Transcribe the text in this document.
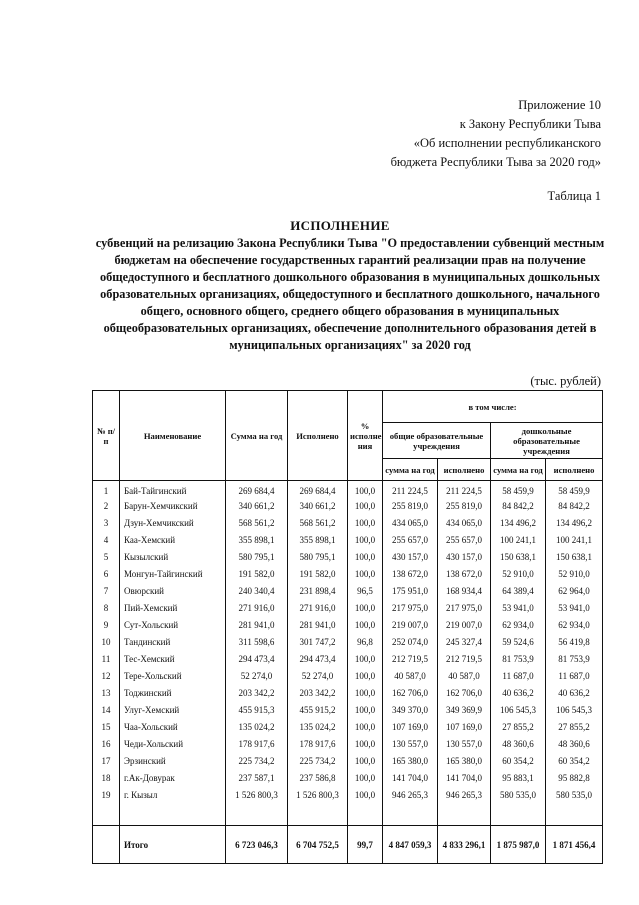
Приложение 10
к Закону Республики Тыва
«Об исполнении республиканского
бюджета Республики Тыва за 2020 год»
Таблица 1
ИСПОЛНЕНИЕ
субвенций на релизацию Закона Республики Тыва "О предоставлении субвенций местным бюджетам на обеспечение государственных гарантий реализации прав на получение общедоступного и бесплатного дошкольного образования в муниципальных дошкольных образовательных организациях, общедоступного и бесплатного дошкольного, начального общего, основного общего, среднего общего образования в муниципальных общеобразовательных организациях, обеспечение дополнительного образования детей в муниципальных организациях" за 2020 год
(тыс. рублей)
№ п/п	Наименование	Сумма на год	Исполнено	% исполне ния	в том числе:			
					общие образовательные учреждения		дошкольные образовательные учреждения	
					сумма на год	исполнено	сумма на год	исполнено
1	Бай-Тайгинский	269 684,4	269 684,4	100,0	211 224,5	211 224,5	58 459,9	58 459,9
2	Барун-Хемчикский	340 661,2	340 661,2	100,0	255 819,0	255 819,0	84 842,2	84 842,2
3	Дзун-Хемчикский	568 561,2	568 561,2	100,0	434 065,0	434 065,0	134 496,2	134 496,2
4	Каа-Хемский	355 898,1	355 898,1	100,0	255 657,0	255 657,0	100 241,1	100 241,1
5	Кызылский	580 795,1	580 795,1	100,0	430 157,0	430 157,0	150 638,1	150 638,1
6	Монгун-Тайгинский	191 582,0	191 582,0	100,0	138 672,0	138 672,0	52 910,0	52 910,0
7	Овюрский	240 340,4	231 898,4	96,5	175 951,0	168 934,4	64 389,4	62 964,0
8	Пий-Хемский	271 916,0	271 916,0	100,0	217 975,0	217 975,0	53 941,0	53 941,0
9	Сут-Хольский	281 941,0	281 941,0	100,0	219 007,0	219 007,0	62 934,0	62 934,0
10	Тандинский	311 598,6	301 747,2	96,8	252 074,0	245 327,4	59 524,6	56 419,8
11	Тес-Хемский	294 473,4	294 473,4	100,0	212 719,5	212 719,5	81 753,9	81 753,9
12	Тере-Хольский	52 274,0	52 274,0	100,0	40 587,0	40 587,0	11 687,0	11 687,0
13	Тоджинский	203 342,2	203 342,2	100,0	162 706,0	162 706,0	40 636,2	40 636,2
14	Улуг-Хемский	455 915,3	455 915,2	100,0	349 370,0	349 369,9	106 545,3	106 545,3
15	Чаа-Хольский	135 024,2	135 024,2	100,0	107 169,0	107 169,0	27 855,2	27 855,2
16	Чеди-Хольский	178 917,6	178 917,6	100,0	130 557,0	130 557,0	48 360,6	48 360,6
17	Эрзинский	225 734,2	225 734,2	100,0	165 380,0	165 380,0	60 354,2	60 354,2
18	г.Ак-Довурак	237 587,1	237 586,8	100,0	141 704,0	141 704,0	95 883,1	95 882,8
19	г. Кызыл	1 526 800,3	1 526 800,3	100,0	946 265,3	946 265,3	580 535,0	580 535,0

	Итого	6 723 046,3	6 704 752,5	99,7	4 847 059,3	4 833 296,1	1 875 987,0	1 871 456,4
